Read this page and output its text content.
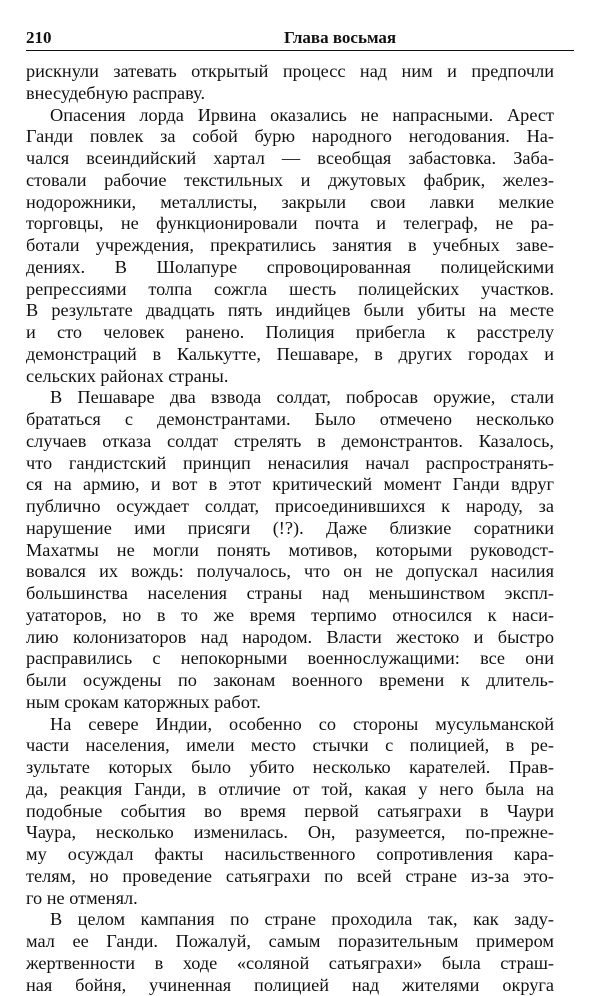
210	Глава восьмая
рискнули затевать открытый процесс над ним и предпочли
внесудебную расправу.
Опасения лорда Ирвина оказались не напрасными. Арест
Ганди повлек за собой бурю народного негодования. На-
чался всеиндийский хартал — всеобщая забастовка. Заба-
стовали рабочие текстильных и джутовых фабрик, желез-
нодорожники, металлисты, закрыли свои лавки мелкие
торговцы, не функционировали почта и телеграф, не ра-
ботали учреждения, прекратились занятия в учебных заве-
дениях. В Шолапуре спровоцированная полицейскими
репрессиями толпа сожгла шесть полицейских участков.
В результате двадцать пять индийцев были убиты на месте
и сто человек ранено. Полиция прибегла к расстрелу
демонстраций в Калькутте, Пешаваре, в других городах и
сельских районах страны.
В Пешаваре два взвода солдат, побросав оружие, стали
брататься с демонстрантами. Было отмечено несколько
случаев отказа солдат стрелять в демонстрантов. Казалось,
что гандистский принцип ненасилия начал распространять-
ся на армию, и вот в этот критический момент Ганди вдруг
публично осуждает солдат, присоединившихся к народу, за
нарушение ими присяги (!?). Даже близкие соратники
Махатмы не могли понять мотивов, которыми руководст-
вовался их вождь: получалось, что он не допускал насилия
большинства населения страны над меньшинством экспл-
уататоров, но в то же время терпимо относился к наси-
лию колонизаторов над народом. Власти жестоко и быстро
расправились с непокорными военнослужащими: все они
были осуждены по законам военного времени к длитель-
ным срокам каторжных работ.
На севере Индии, особенно со стороны мусульманской
части населения, имели место стычки с полицией, в ре-
зультате которых было убито несколько карателей. Прав-
да, реакция Ганди, в отличие от той, какая у него была на
подобные события во время первой сатьяграхи в Чаури
Чаура, несколько изменилась. Он, разумеется, по-прежне-
му осуждал факты насильственного сопротивления кара-
телям, но проведение сатьяграхи по всей стране из-за это-
го не отменял.
В целом кампания по стране проходила так, как заду-
мал ее Ганди. Пожалуй, самым поразительным примером
жертвенности в ходе «соляной сатьяграхи» была страш-
ная бойня, учиненная полицией над жителями округа
